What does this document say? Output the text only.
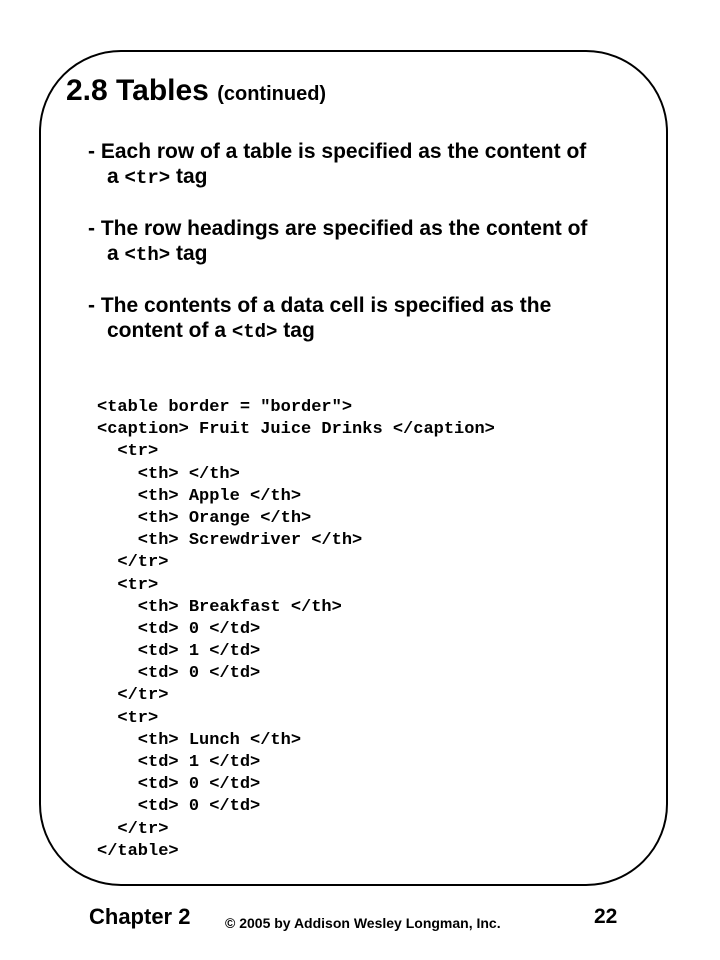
2.8 Tables (continued)
- Each row of a table is specified as the content of
a <tr> tag
- The row headings are specified as the content of
a <th> tag
- The contents of a data cell is specified as the
content of a <td> tag
<table border = "border">
<caption> Fruit Juice Drinks </caption>
<tr>
<th> </th>
<th> Apple </th>
<th> Orange </th>
<th> Screwdriver </th>
</tr>
<tr>
<th> Breakfast </th>
<td> 0 </td>
<td> 1 </td>
<td> 0 </td>
</tr>
<tr>
<th> Lunch </th>
<td> 1 </td>
<td> 0 </td>
<td> 0 </td>
</tr>
</table>
Chapter 2 © 2005 by Addison Wesley Longman, Inc.	22
